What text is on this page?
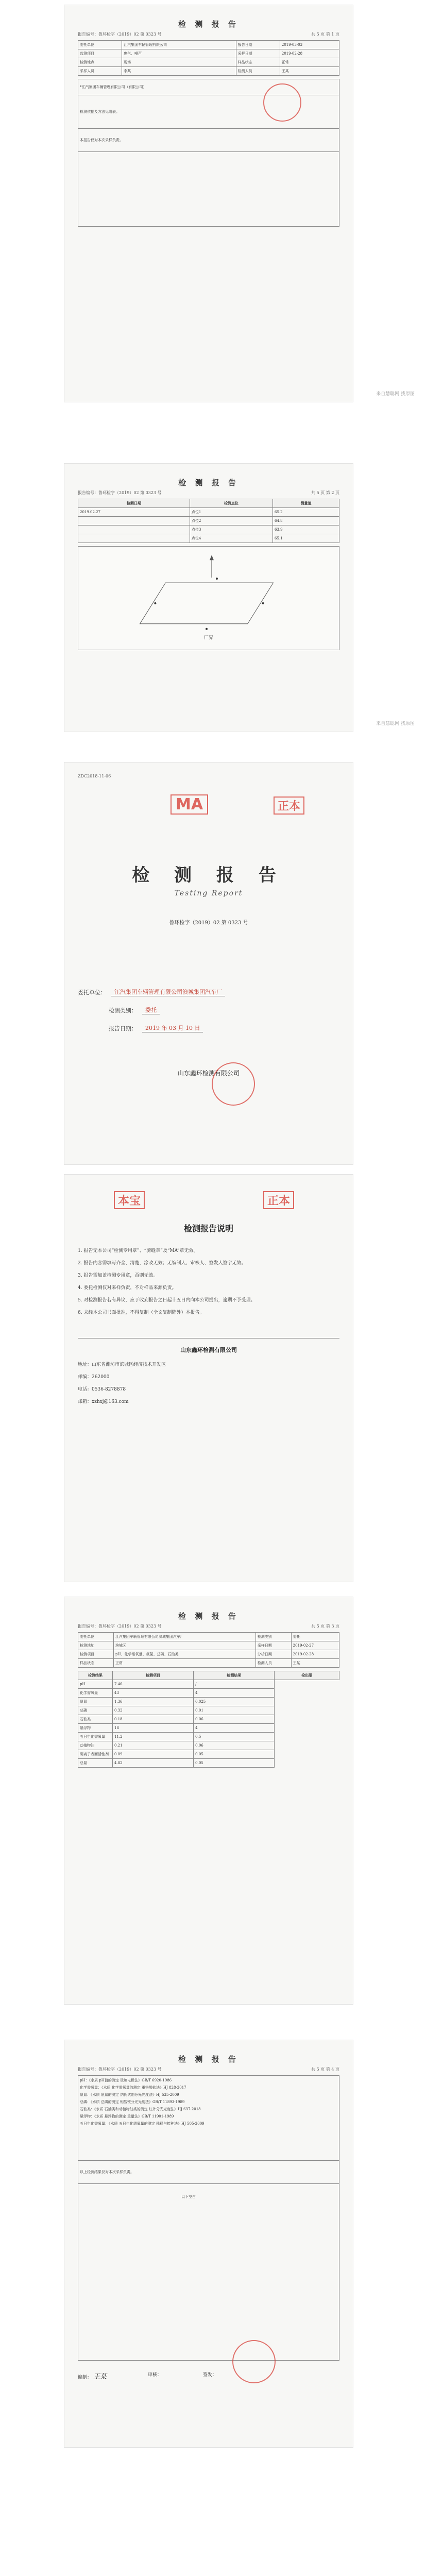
检 测 报 告
报告编号：鲁环检字（2019）02 第 0323 号	共 5 页 第 1 页
委托单位	江汽集团车辆管理有限公司	报告日期	2019-03-03
监测项目	废气、噪声	采样日期	2019-02-28
检测地点	现场	样品状态	正常
采样人员	李某	检测人员	王某
*江汽集团车辆管理有限公司（有限公司）
检测依据及方法见附表。
本报告仅对本次采样负责。

来自慧聪网 找原图
检 测 报 告
报告编号：鲁环检字（2019）02 第 0323 号	共 5 页 第 2 页
检测日期	检测点位	测量值
2019.02.27	点位1	65.2
	点位2	64.8
	点位3	63.9
	点位4	65.1
厂界
来自慧聪网 找原图
ZDC2018-11-06
MA	正本
检 测 报 告
Testing Report
鲁环检字（2019）02 第 0323 号
委托单位：	江汽集团车辆管理有限公司滨城集团汽车厂
检测类别：	委托
报告日期：	2019 年 03 月 10 日
山东鑫环检测有限公司
本宝	正本
检测报告说明

1. 报告无本公司“检测专用章”、“骑缝章”及“MA”章无效。

2. 报告内容需填写齐全、清楚，涂改无效；无编制人、审核人、签发人签字无效。

3. 报告需加盖检测专用章，否则无效。

4. 委托检测仅对来样负责，不对样品来源负责。

5. 对检测报告若有异议，应于收到报告之日起十五日内向本公司提出，逾期不予受理。

6. 未经本公司书面批准，不得复制（全文复制除外）本报告。

山东鑫环检测有限公司

地址：山东省潍坊市滨城区经济技术开发区

邮编：262000

电话：0536-8278878

邮箱：xzhxj@163.com

检 测 报 告
报告编号：鲁环检字（2019）02 第 0323 号	共 5 页 第 3 页
委托单位	江汽集团车辆管理有限公司滨城集团汽车厂	检测类别	委托
检测地址	滨城区	采样日期	2019-02-27
检测项目	pH、化学需氧量、氨氮、总磷、石油类	分析日期	2019-02-28
样品状态	正常	检测人员	王某
检测结果			
	检测项目	检测结果	检出限
pH	7.46	/	
化学需氧量	43	4	
氨氮	1.36	0.025	
总磷	0.32	0.01	
石油类	0.18	0.06	
悬浮物	18	4	
五日生化需氧量	11.2	0.5	
动植物油	0.21	0.06	
阴离子表面活性剂	0.09	0.05	
总氮	4.82	0.05	
检 测 报 告
报告编号：鲁环检字（2019）02 第 0323 号	共 5 页 第 4 页
pH：《水质 pH值的测定 玻璃电极法》GB/T 6920-1986
化学需氧量：《水质 化学需氧量的测定 重铬酸盐法》HJ 828-2017
氨氮：《水质 氨氮的测定 纳氏试剂分光光度法》HJ 535-2009
总磷：《水质 总磷的测定 钼酸铵分光光度法》GB/T 11893-1989
石油类：《水质 石油类和动植物油类的测定 红外分光光度法》HJ 637-2018
悬浮物：《水质 悬浮物的测定 重量法》GB/T 11901-1989
五日生化需氧量：《水质 五日生化需氧量的测定 稀释与接种法》HJ 505-2009

以上检测结果仅对本次采样负责。
以下空白
编制： 王某	审核：	签发：
